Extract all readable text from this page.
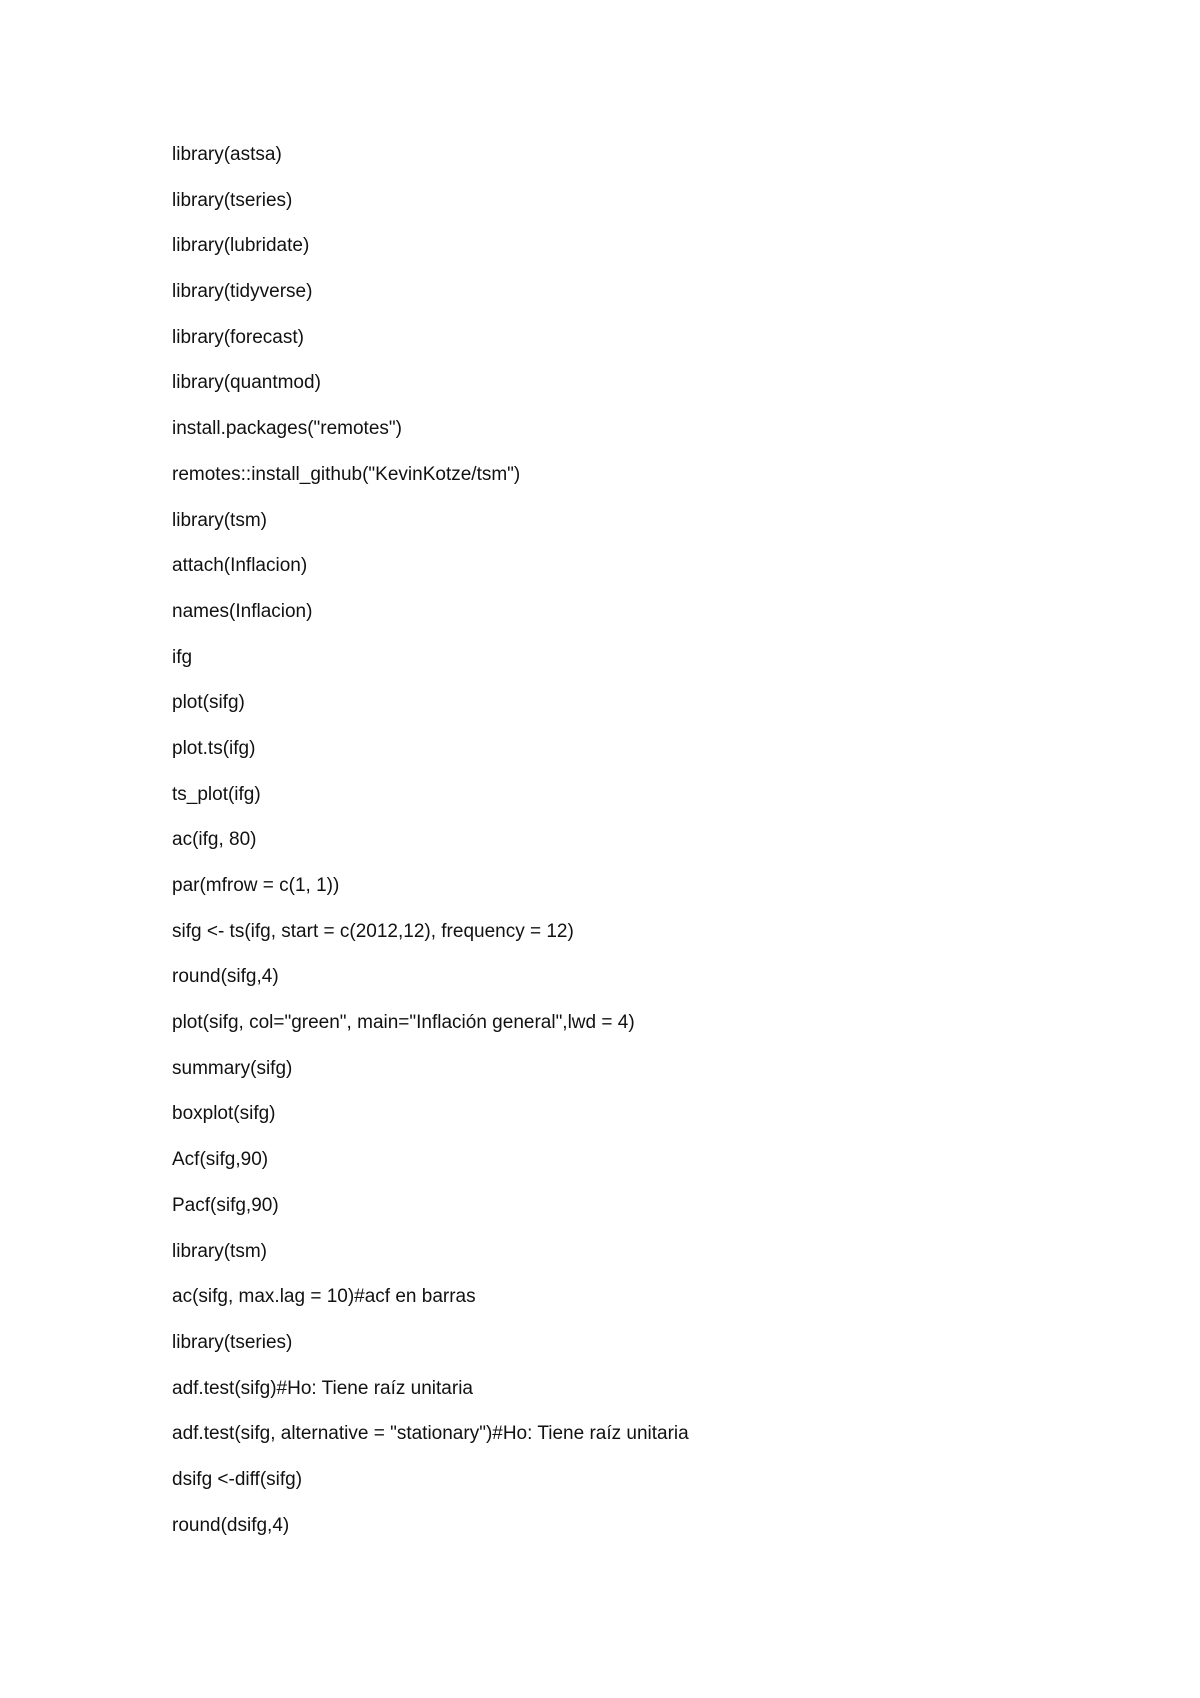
library(astsa)
library(tseries)
library(lubridate)
library(tidyverse)
library(forecast)
library(quantmod)
install.packages("remotes")
remotes::install_github("KevinKotze/tsm")
library(tsm)
attach(Inflacion)
names(Inflacion)
ifg
plot(sifg)
plot.ts(ifg)
ts_plot(ifg)
ac(ifg, 80)
par(mfrow = c(1, 1))
sifg <- ts(ifg, start = c(2012,12), frequency = 12)
round(sifg,4)
plot(sifg, col="green", main="Inflación general",lwd = 4)
summary(sifg)
boxplot(sifg)
Acf(sifg,90)
Pacf(sifg,90)
library(tsm)
ac(sifg, max.lag = 10)#acf en barras
library(tseries)
adf.test(sifg)#Ho: Tiene raíz unitaria
adf.test(sifg, alternative = "stationary")#Ho: Tiene raíz unitaria
dsifg <-diff(sifg)
round(dsifg,4)
